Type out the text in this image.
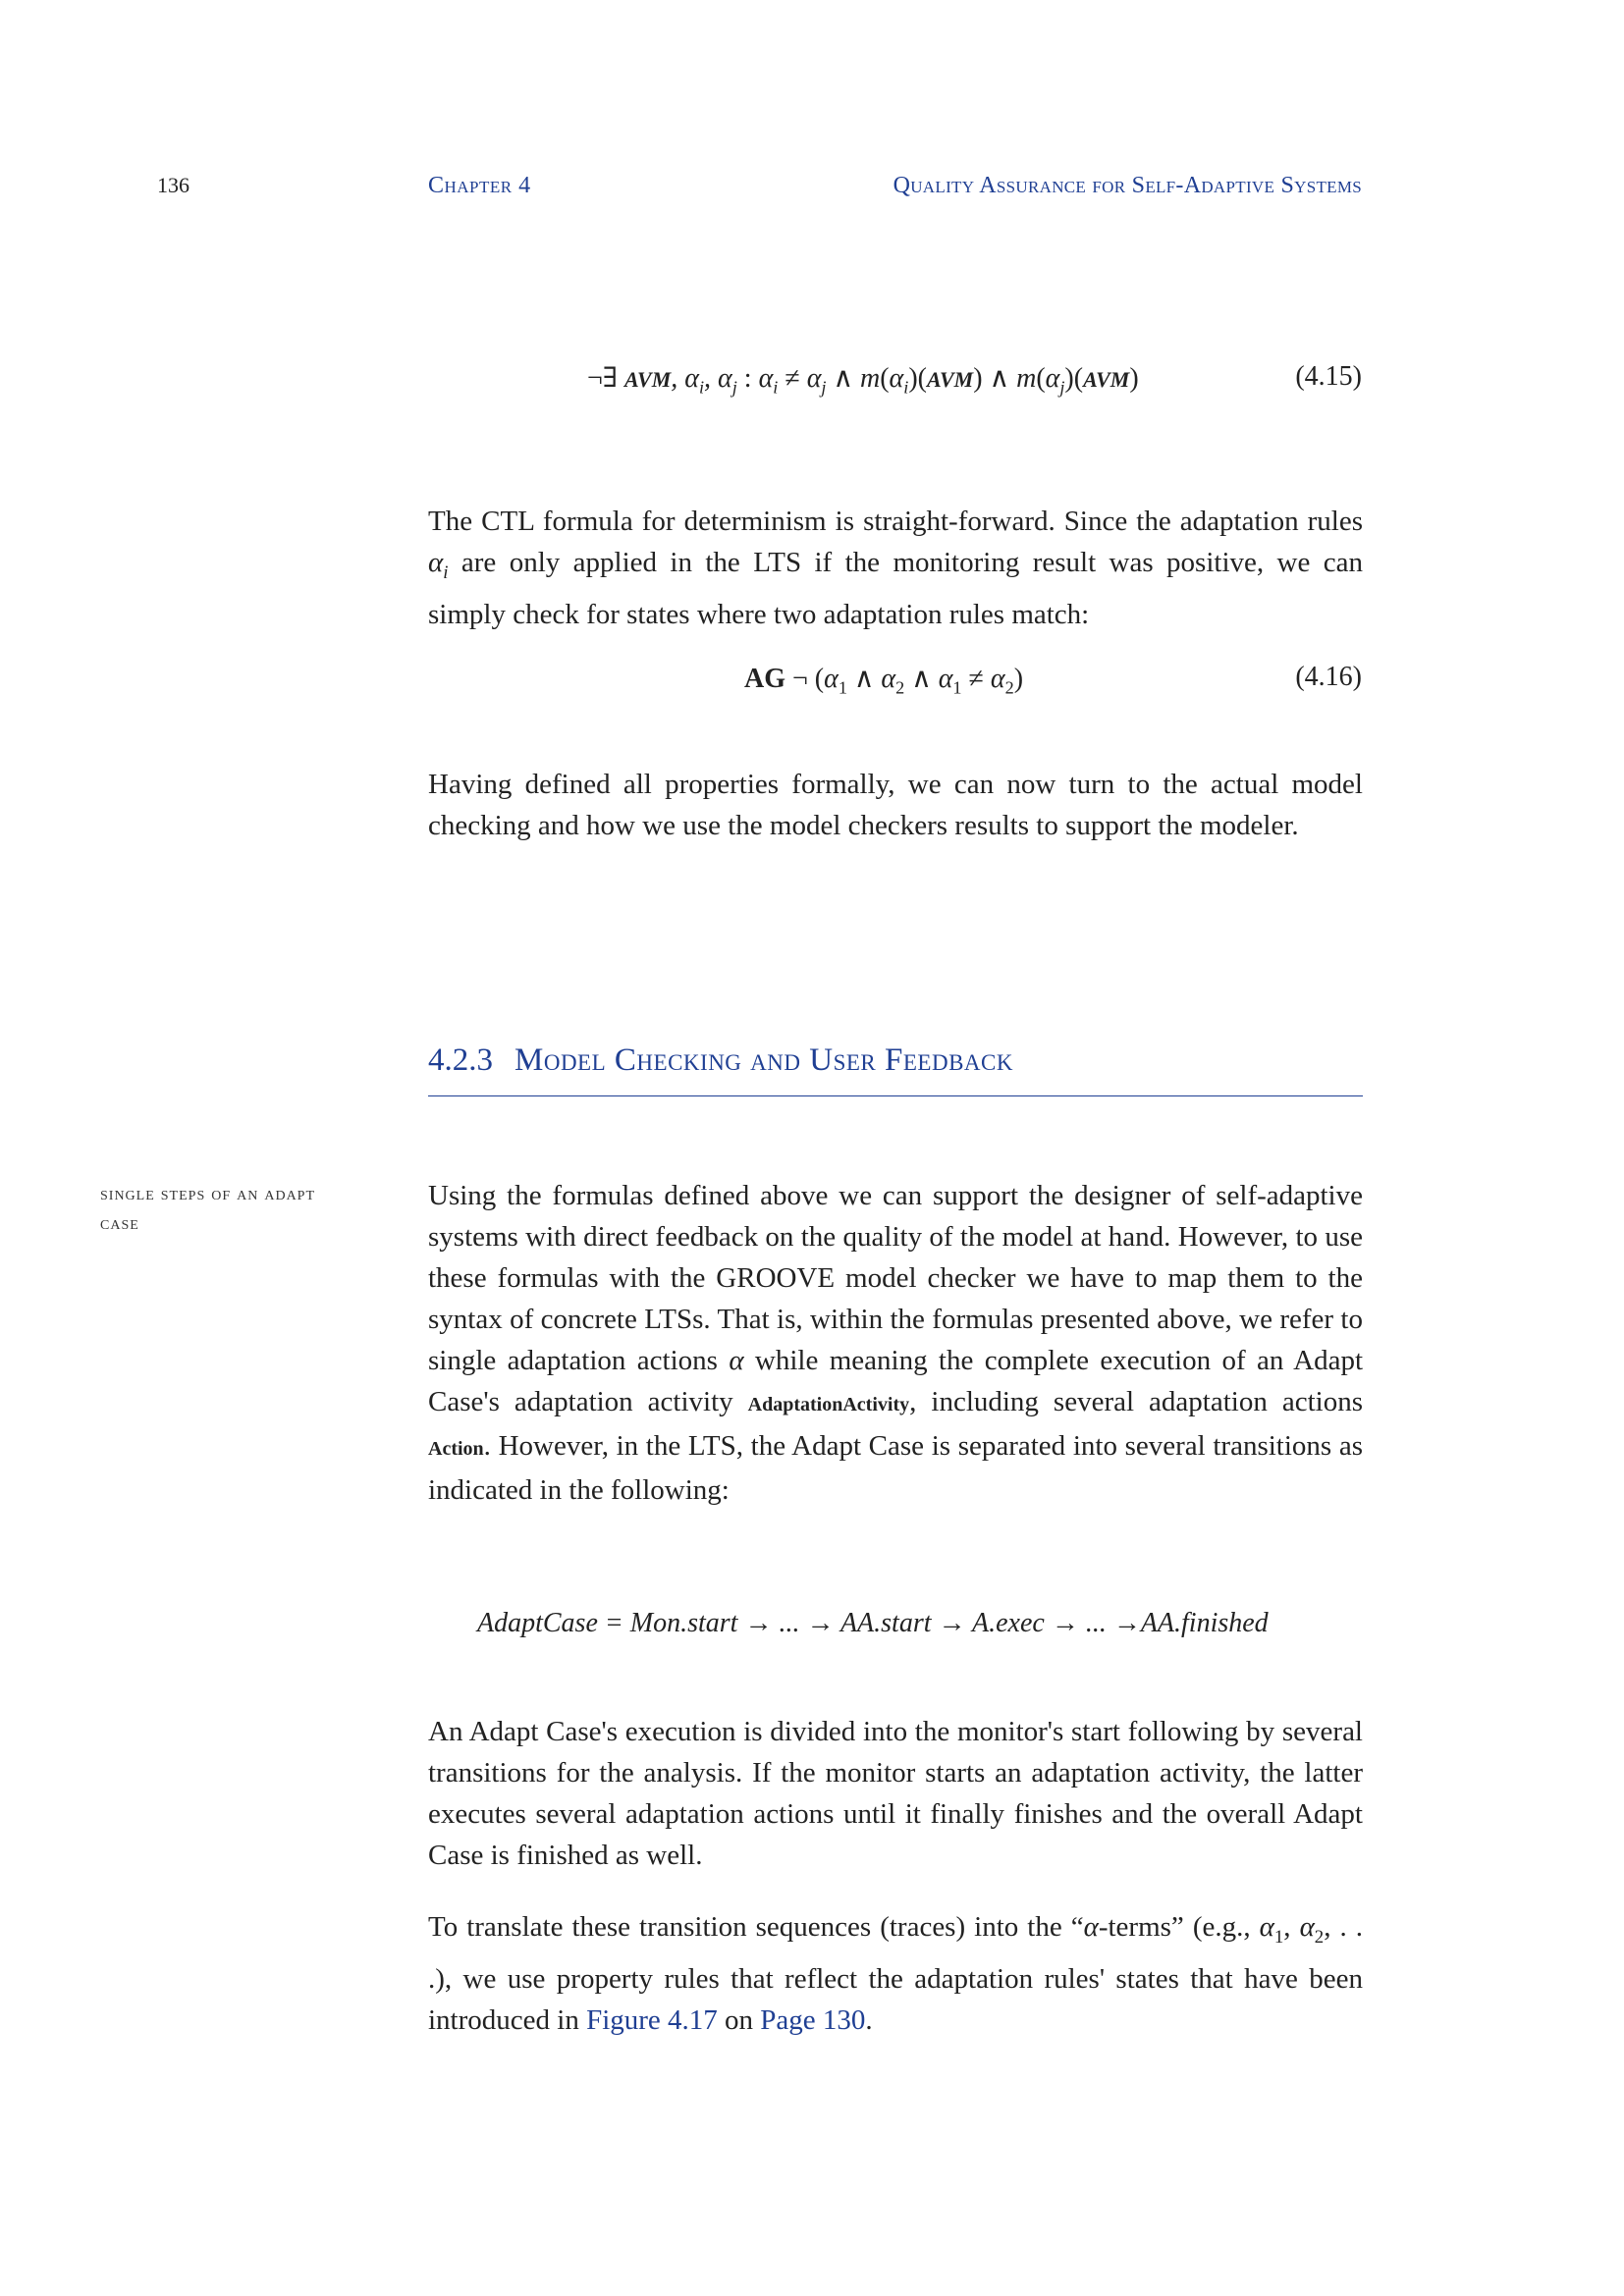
136	Chapter 4	Quality Assurance for Self-Adaptive Systems
¬∃ AVM, $\alpha_i$, $\alpha_j$ : $\alpha_i \ne \alpha_j$ ∧ $m(\alpha_i)(AVM)$ ∧ $m(\alpha_j)(AVM)$	(4.15)
The CTL formula for determinism is straight-forward. Since the adaptation rules $\alpha_i$ are only applied in the LTS if the monitoring result was positive, we can simply check for states where two adaptation rules match:
AG ¬ ($\alpha_1$ ∧ $\alpha_2$ ∧ $\alpha_1 \ne \alpha_2$)	(4.16)
Having defined all properties formally, we can now turn to the actual model checking and how we use the model checkers results to support the modeler.
4.2.3 Model Checking and User Feedback
single steps of an adapt case
Using the formulas defined above we can support the designer of self-adaptive systems with direct feedback on the quality of the model at hand. However, to use these formulas with the GROOVE model checker we have to map them to the syntax of concrete LTSs. That is, within the formulas presented above, we refer to single adaptation actions α while meaning the complete execution of an Adapt Case's adaptation activity AdaptationActivity, including several adaptation actions Action. However, in the LTS, the Adapt Case is separated into several transitions as indicated in the following:
AdaptCase = Mon.start → ... → AA.start → A.exec → ... →AA.finished
An Adapt Case's execution is divided into the monitor's start following by several transitions for the analysis. If the monitor starts an adaptation activity, the latter executes several adaptation actions until it finally finishes and the overall Adapt Case is finished as well.
To translate these transition sequences (traces) into the “α-terms” (e.g., $\alpha_1$, $\alpha_2$, . . .), we use property rules that reflect the adaptation rules' states that have been introduced in Figure 4.17 on Page 130.
